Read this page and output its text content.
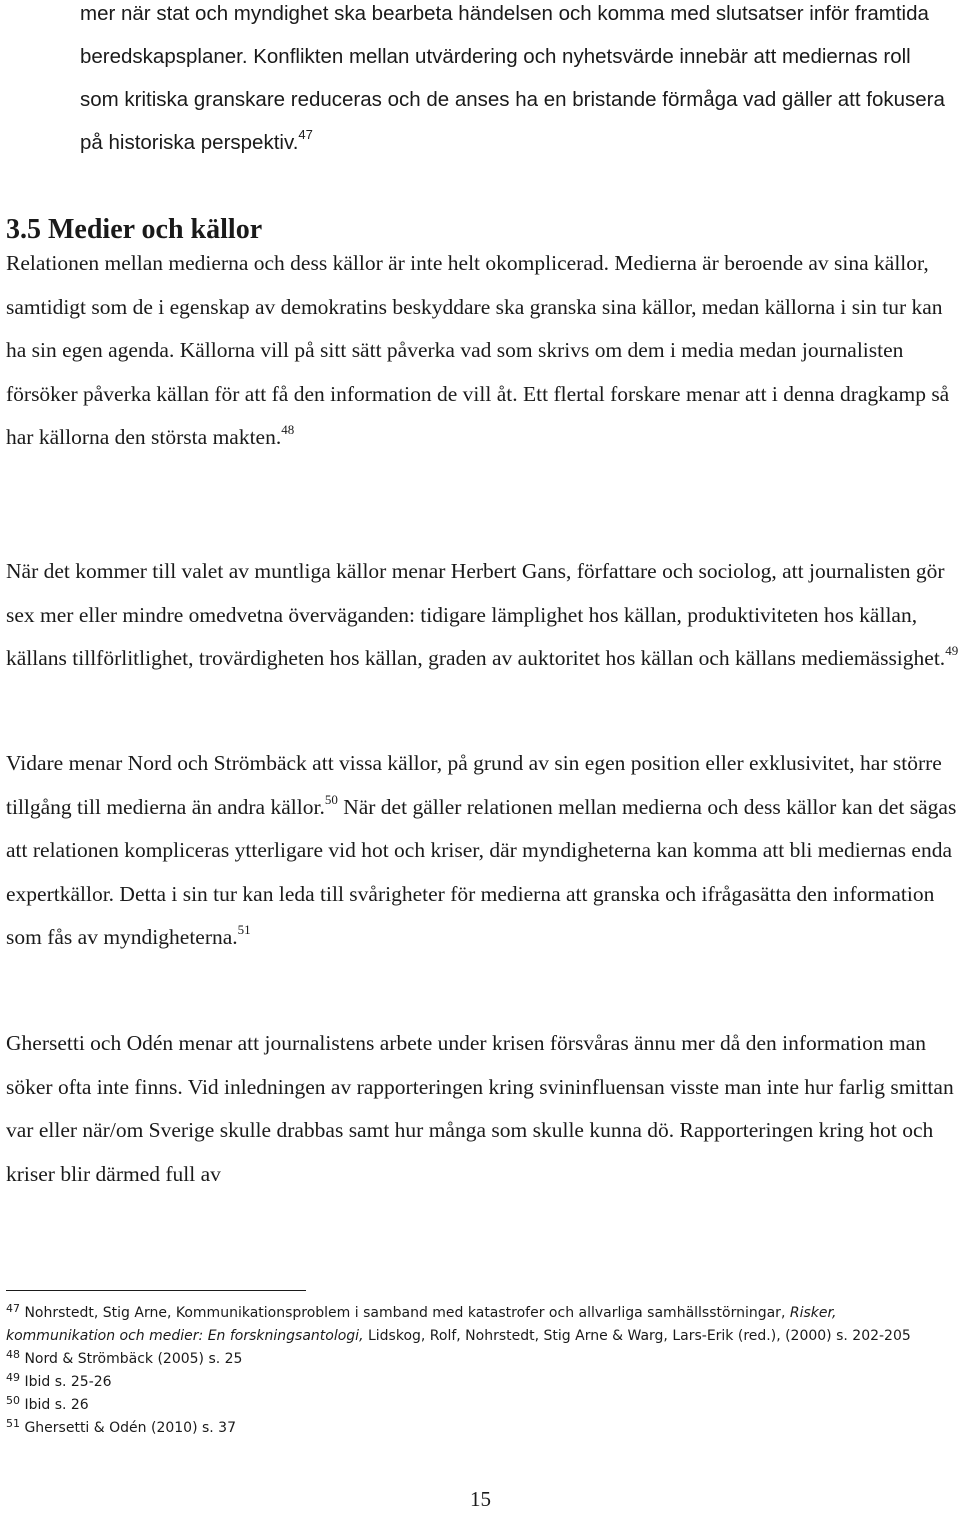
mer när stat och myndighet ska bearbeta händelsen och komma med slutsatser inför framtida beredskapsplaner. Konflikten mellan utvärdering och nyhetsvärde innebär att mediernas roll som kritiska granskare reduceras och de anses ha en bristande förmåga vad gäller att fokusera på historiska perspektiv.$^{47}$
3.5 Medier och källor

Relationen mellan medierna och dess källor är inte helt okomplicerad. Medierna är beroende av sina källor, samtidigt som de i egenskap av demokratins beskyddare ska granska sina källor, medan källorna i sin tur kan ha sin egen agenda. Källorna vill på sitt sätt påverka vad som skrivs om dem i media medan journalisten försöker påverka källan för att få den information de vill åt. Ett flertal forskare menar att i denna dragkamp så har källorna den största makten.$^{48}$

När det kommer till valet av muntliga källor menar Herbert Gans, författare och sociolog, att journalisten gör sex mer eller mindre omedvetna överväganden: tidigare lämplighet hos källan, produktiviteten hos källan, källans tillförlitlighet, trovärdigheten hos källan, graden av auktoritet hos källan och källans mediemässighet.$^{49}$

Vidare menar Nord och Strömbäck att vissa källor, på grund av sin egen position eller exklusivitet, har större tillgång till medierna än andra källor.$^{50}$ När det gäller relationen mellan medierna och dess källor kan det sägas att relationen kompliceras ytterligare vid hot och kriser, där myndigheterna kan komma att bli mediernas enda expertkällor. Detta i sin tur kan leda till svårigheter för medierna att granska och ifrågasätta den information som fås av myndigheterna.$^{51}$

Ghersetti och Odén menar att journalistens arbete under krisen försvåras ännu mer då den information man söker ofta inte finns. Vid inledningen av rapporteringen kring svininfluensan visste man inte hur farlig smittan var eller när/om Sverige skulle drabbas samt hur många som skulle kunna dö. Rapporteringen kring hot och kriser blir därmed full av

$^{47}$ Nohrstedt, Stig Arne, Kommunikationsproblem i samband med katastrofer och allvarliga samhällsstörningar, Risker, kommunikation och medier: En forskningsantologi, Lidskog, Rolf, Nohrstedt, Stig Arne & Warg, Lars-Erik (red.), (2000) s. 202-205

$^{48}$ Nord & Strömbäck (2005) s. 25

$^{49}$ Ibid s. 25-26

$^{50}$ Ibid s. 26

$^{51}$ Ghersetti & Odén (2010) s. 37

15
